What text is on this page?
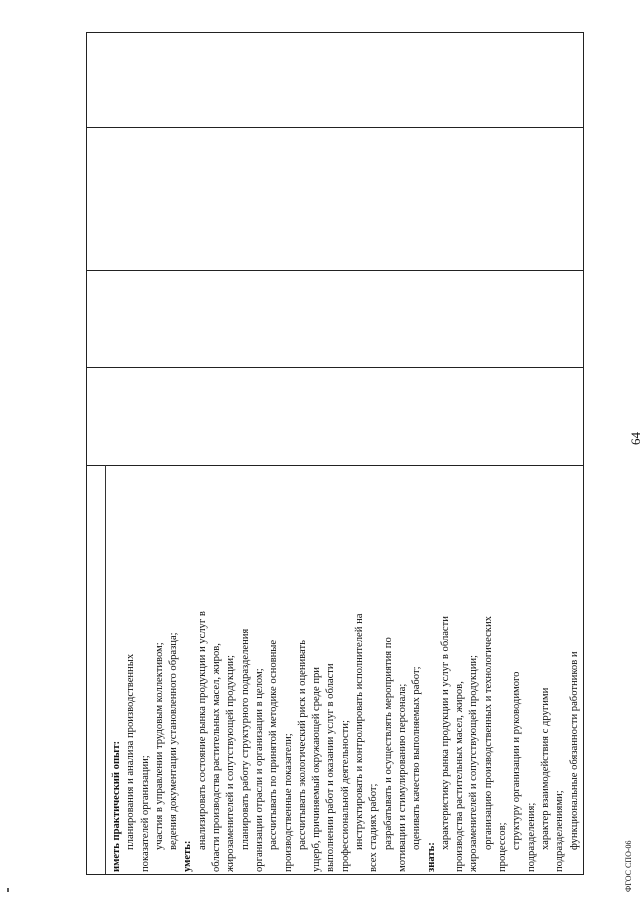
64
ФГОС СПО-06
иметь практический опыт: планирования и анализа производственных показателей организации; участия в управлении трудовым коллективом; ведения документации установленного образца;
уметь:
анализировать состояние рынка продукции и услуг в области производства растительных масел, жиров, жирозаменителей и сопутствующей продукции; планировать работу структурного подразделения организации отрасли и организации в целом; рассчитывать по принятой методике основные производственные показатели; рассчитывать экологический риск и оценивать ущерб, причиняемый окружающей среде при выполнении работ и оказании услуг в области профессиональной деятельности; инструктировать и контролировать исполнителей на всех стадиях работ; разрабатывать и осуществлять мероприятия по мотивации и стимулированию персонала; оценивать качество выполняемых работ;
знать:
характеристику рынка продукции и услуг в области производства растительных масел, жиров, жирозаменителей и сопутствующей продукции; организацию производственных и технологических процессов; структуру организации и руководимого подразделения; характер взаимодействия с другими подразделениями; функциональные обязанности работников и
